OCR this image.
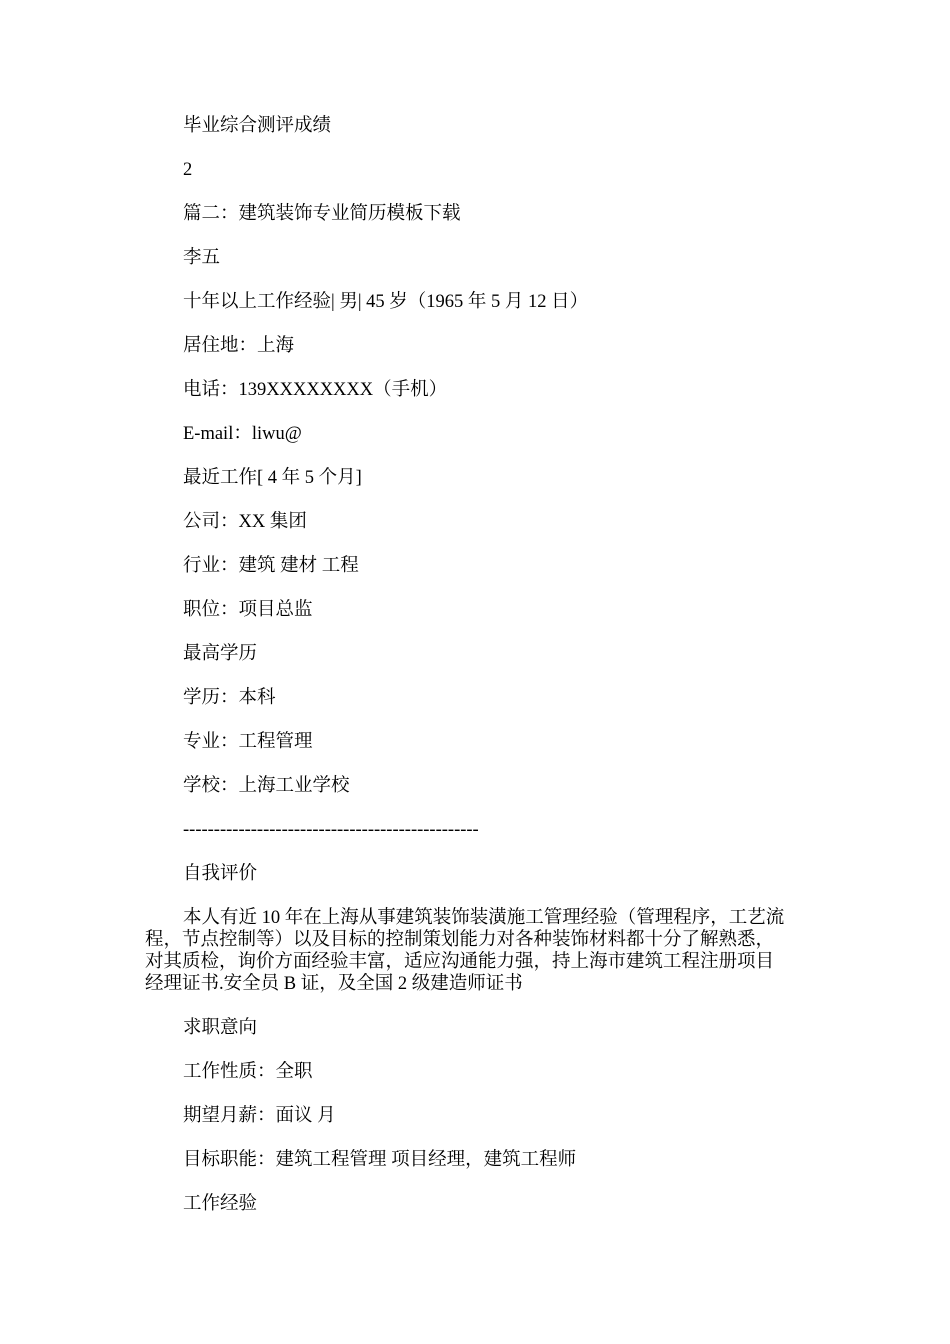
毕业综合测评成绩
2
篇二：建筑装饰专业简历模板下载
李五
十年以上工作经验| 男| 45 岁（1965 年 5 月 12 日）
居住地：上海
电话：139XXXXXXXX（手机）
E-mail：liwu@
最近工作[ 4 年 5 个月]
公司：XX 集团
行业：建筑 建材 工程
职位：项目总监
最高学历
学历：本科
专业：工程管理
学校：上海工业学校
------------------------------------------------
自我评价
本人有近 10 年在上海从事建筑装饰装潢施工管理经验（管理程序，工艺流
程，节点控制等）以及目标的控制策划能力对各种装饰材料都十分了解熟悉，
对其质检，询价方面经验丰富，适应沟通能力强，持上海市建筑工程注册项目
经理证书.安全员 B 证，及全国 2 级建造师证书
求职意向
工作性质：全职
期望月薪：面议 月
目标职能：建筑工程管理 项目经理，建筑工程师
工作经验
